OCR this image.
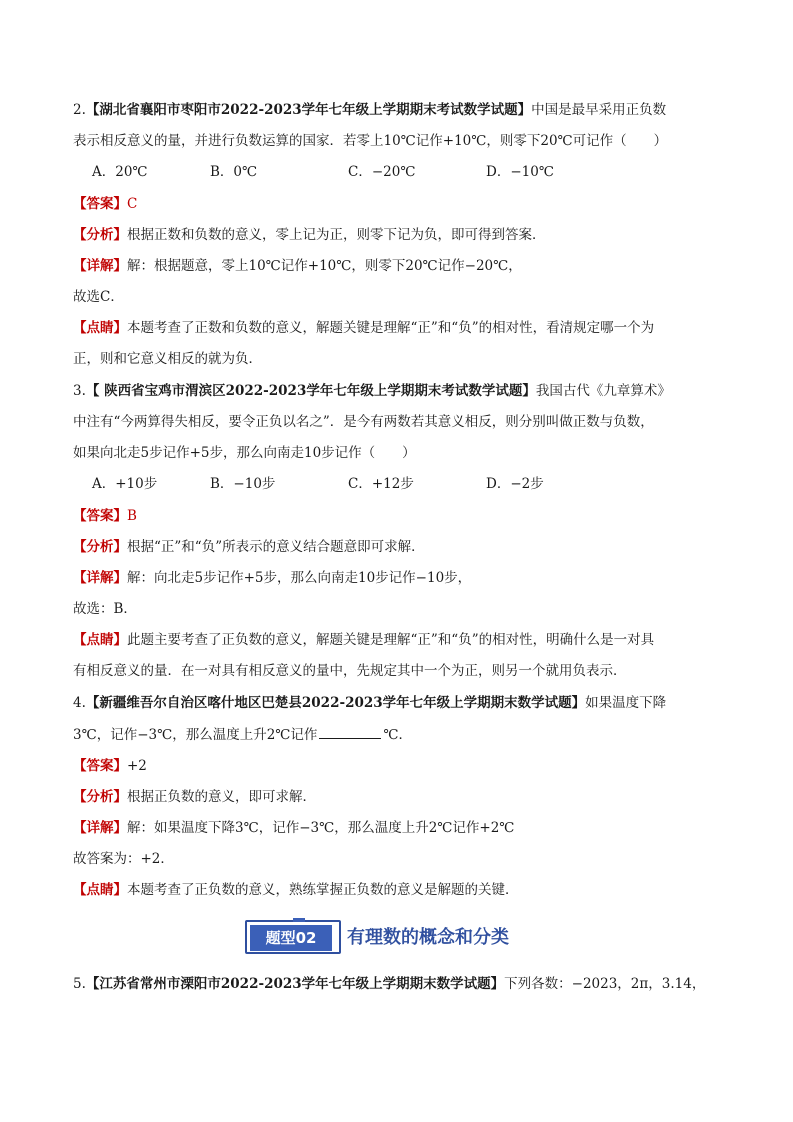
2.【湖北省襄阳市枣阳市2022-2023学年七年级上学期期末考试数学试题】中国是最早采用正负数
表示相反意义的量，并进行负数运算的国家．若零上10℃记作+10℃，则零下20℃可记作（　　）
A．20℃	B．0℃	C．−20℃	D．−10℃
【答案】C
【分析】根据正数和负数的意义，零上记为正，则零下记为负，即可得到答案．
【详解】解：根据题意，零上10℃记作+10℃，则零下20℃记作−20℃，
故选C．
【点睛】本题考查了正数和负数的意义，解题关键是理解“正”和“负”的相对性，看清规定哪一个为
正，则和它意义相反的就为负．
3.【 陕西省宝鸡市渭滨区2022-2023学年七年级上学期期末考试数学试题】我国古代《九章算术》
中注有“今两算得失相反，要令正负以名之”．是今有两数若其意义相反，则分别叫做正数与负数，
如果向北走5步记作+5步，那么向南走10步记作（　　）
A．+10步	B．−10步	C．+12步	D．−2步
【答案】B
【分析】根据“正”和“负”所表示的意义结合题意即可求解．
【详解】解：向北走5步记作+5步，那么向南走10步记作−10步，
故选：B．
【点睛】此题主要考查了正负数的意义，解题关键是理解“正”和“负”的相对性，明确什么是一对具
有相反意义的量．在一对具有相反意义的量中，先规定其中一个为正，则另一个就用负表示．
4.【新疆维吾尔自治区喀什地区巴楚县2022-2023学年七年级上学期期末数学试题】如果温度下降
3℃，记作−3℃，那么温度上升2℃记作	℃．
【答案】+2
【分析】根据正负数的意义，即可求解．
【详解】解：如果温度下降3℃，记作−3℃，那么温度上升2℃记作+2℃
故答案为：+2．
【点睛】本题考查了正负数的意义，熟练掌握正负数的意义是解题的关键．
题型02	有理数的概念和分类
5.【江苏省常州市溧阳市2022-2023学年七年级上学期期末数学试题】下列各数：−2023，2π，3.14，
